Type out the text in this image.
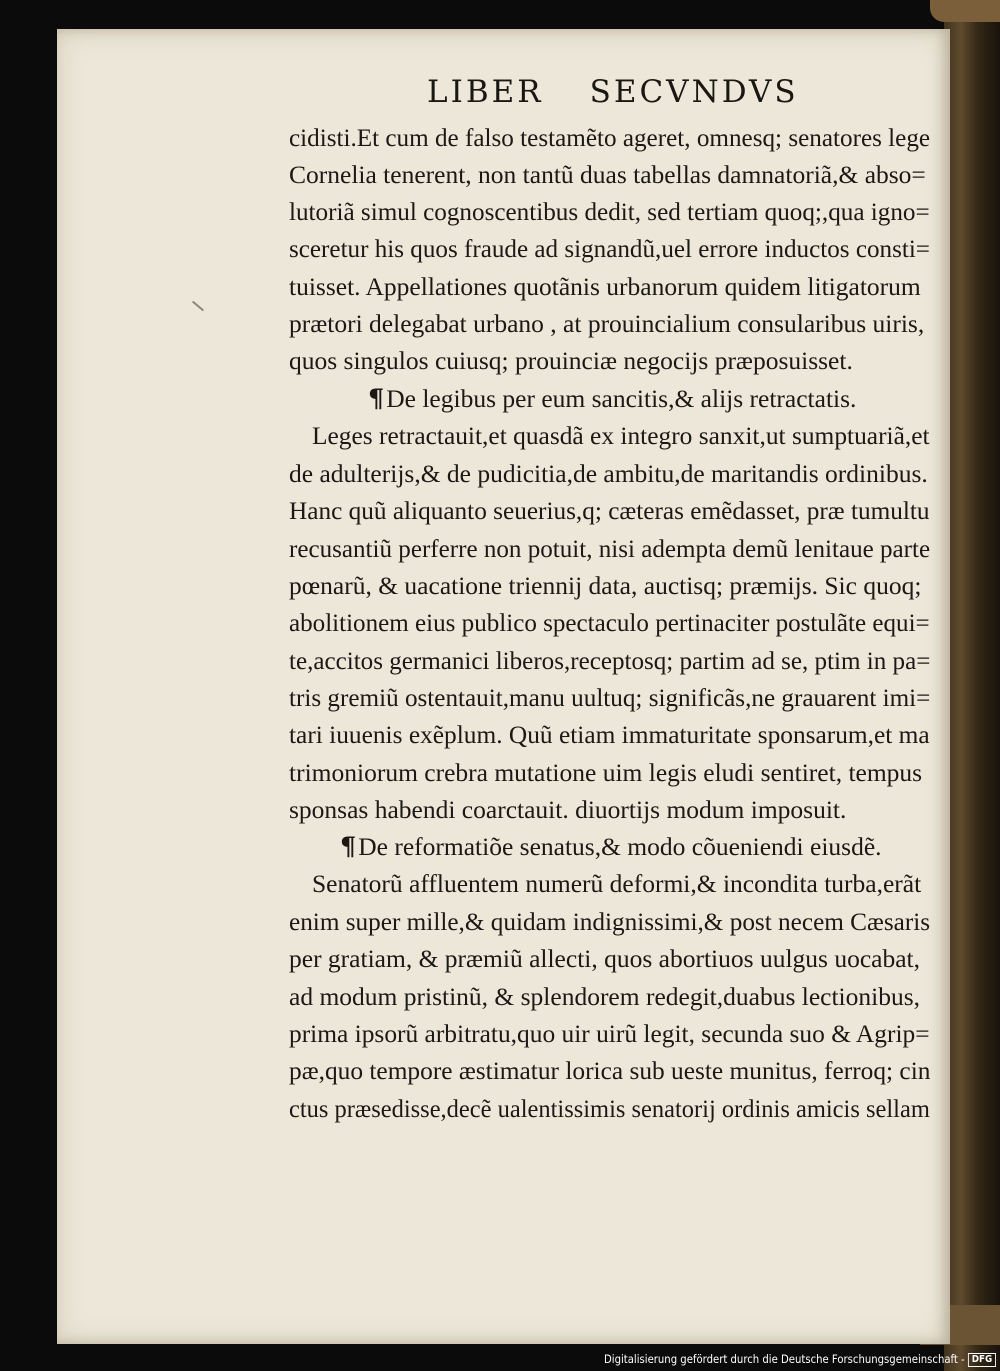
LIBER SECVNDVS
cidisti.Et cum de falso testamẽto ageret, omnesq; senatores lege
Cornelia tenerent, non tantũ duas tabellas damnatoriã,& abso=
lutoriã simul cognoscentibus dedit, sed tertiam quoq;,qua igno=
sceretur his quos fraude ad signandũ,uel errore inductos consti=
tuisset. Appellationes quotãnis urbanorum quidem litigatorum
prætori delegabat urbano , at prouincialium consularibus uiris,
quos singulos cuiusq; prouinciæ negocijs præposuisset.
¶De legibus per eum sancitis,& alijs retractatis.
Leges retractauit,et quasdã ex integro sanxit,ut sumptuariã,et
de adulterijs,& de pudicitia,de ambitu,de maritandis ordinibus.
Hanc quũ aliquanto seuerius,q; cæteras emẽdasset, præ tumultu
recusantiũ perferre non potuit, nisi adempta demũ lenitaue parte
pœnarũ, & uacatione triennij data, auctisq; præmijs. Sic quoq;
abolitionem eius publico spectaculo pertinaciter postulãte equi=
te,accitos germanici liberos,receptosq; partim ad se, ptim in pa=
tris gremiũ ostentauit,manu uultuq; significãs,ne grauarent imi=
tari iuuenis exẽplum. Quũ etiam immaturitate sponsarum,et ma
trimoniorum crebra mutatione uim legis eludi sentiret, tempus
sponsas habendi coarctauit. diuortijs modum imposuit.
¶De reformatiõe senatus,& modo cõueniendi eiusdẽ.
Senatorũ affluentem numerũ deformi,& incondita turba,erãt
enim super mille,& quidam indignissimi,& post necem Cæsaris
per gratiam, & præmiũ allecti, quos abortiuos uulgus uocabat,
ad modum pristinũ, & splendorem redegit,duabus lectionibus,
prima ipsorũ arbitratu,quo uir uirũ legit, secunda suo & Agrip=
pæ,quo tempore æstimatur lorica sub ueste munitus, ferroq; cin
ctus præsedisse,decẽ ualentissimis senatorij ordinis amicis sellam
Digitalisierung gefördert durch die Deutsche Forschungsgemeinschaft - DFG
